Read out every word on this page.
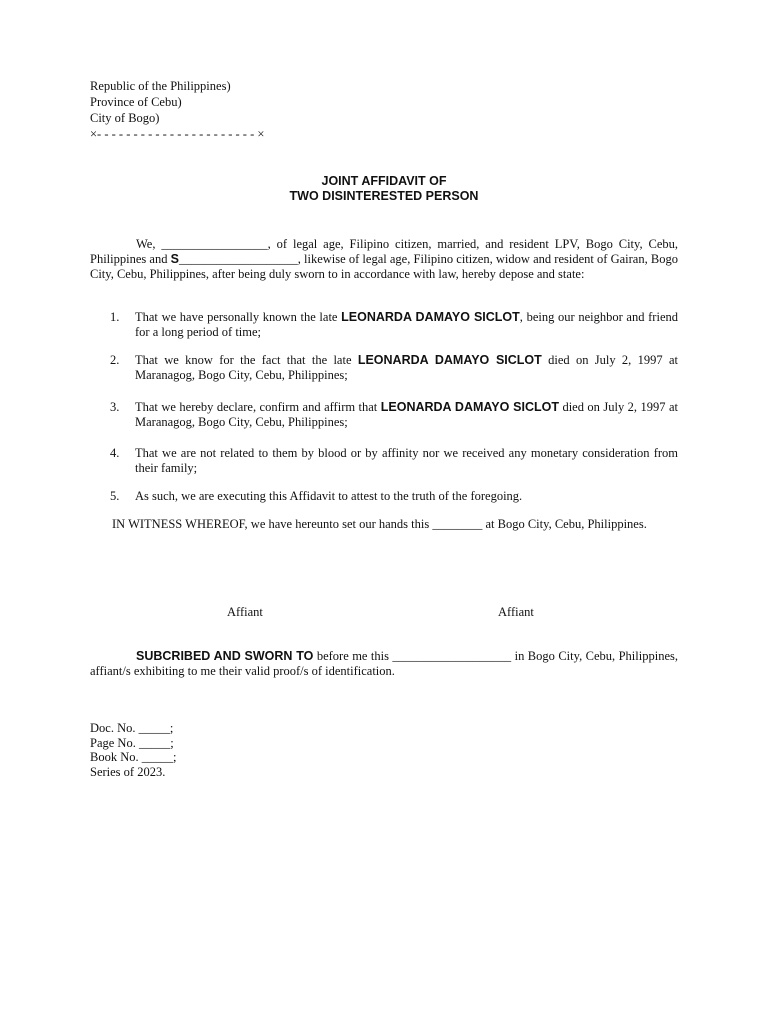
Republic of the Philippines)
Province of Cebu)
City of Bogo)
×- - - - - - - - - - - - - - - - - - - - - - ×
JOINT AFFIDAVIT OF
TWO DISINTERESTED PERSON
We, _________________, of legal age, Filipino citizen, married, and resident LPV, Bogo City, Cebu, Philippines and S___________________, likewise of legal age, Filipino citizen, widow and resident of Gairan, Bogo City, Cebu, Philippines, after being duly sworn to in accordance with law, hereby depose and state:
1. That we have personally known the late LEONARDA DAMAYO SICLOT, being our neighbor and friend for a long period of time;
2. That we know for the fact that the late LEONARDA DAMAYO SICLOT died on July 2, 1997 at Maranagog, Bogo City, Cebu, Philippines;
3. That we hereby declare, confirm and affirm that LEONARDA DAMAYO SICLOT died on July 2, 1997 at Maranagog, Bogo City, Cebu, Philippines;
4. That we are not related to them by blood or by affinity nor we received any monetary consideration from their family;
5. As such, we are executing this Affidavit to attest to the truth of the foregoing.
IN WITNESS WHEREOF, we have hereunto set our hands this ________ at Bogo City, Cebu, Philippines.
Affiant	Affiant
SUBCRIBED AND SWORN TO before me this ___________________ in Bogo City, Cebu, Philippines, affiant/s exhibiting to me their valid proof/s of identification.
Doc. No. _____;
Page No. _____;
Book No. _____;
Series of 2023.
